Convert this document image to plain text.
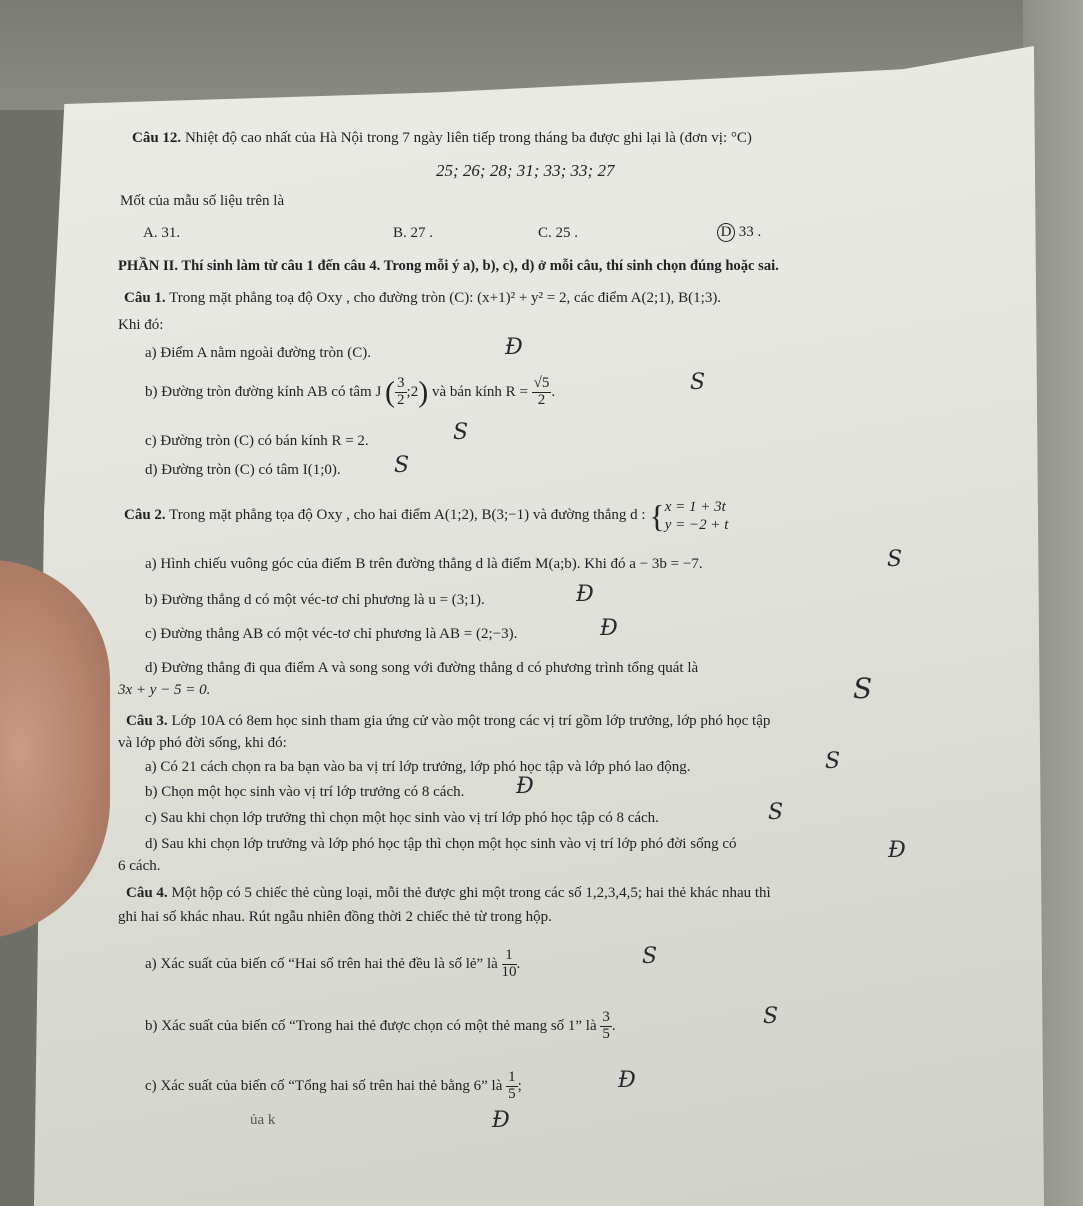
Câu 12. Nhiệt độ cao nhất của Hà Nội trong 7 ngày liên tiếp trong tháng ba được ghi lại là (đơn vị: °C)
25; 26; 28; 31; 33; 33; 27
Mốt của mẫu số liệu trên là
A. 31.	B. 27 .	C. 25 .	D 33 .
PHẦN II. Thí sinh làm từ câu 1 đến câu 4. Trong mỗi ý a), b), c), d) ở mỗi câu, thí sinh chọn đúng hoặc sai.
Câu 1. Trong mặt phẳng toạ độ Oxy , cho đường tròn (C): (x+1)² + y² = 2, các điểm A(2;1), B(1;3).
Khi đó:
a) Điểm A nằm ngoài đường tròn (C).	Đ
b) Đường tròn đường kính AB có tâm J ( $\frac{3}{2}$ ;2) và bán kính $R = \frac{√5}{2}$ .	S
c) Đường tròn (C) có bán kính R = 2.	S
d) Đường tròn (C) có tâm I(1;0). S
Câu 2. Trong mặt phẳng tọa độ Oxy , cho hai điểm A(1;2), B(3;−1) và đường thẳng d : { x = 1 + 3t
y = −2 + t
a) Hình chiếu vuông góc của điểm B trên đường thẳng d là điểm M(a;b). Khi đó a − 3b = −7.	S
b) Đường thẳng d có một véc-tơ chỉ phương là u = (3;1).	Đ
c) Đường thẳng AB có một véc-tơ chỉ phương là AB = (2;−3).	Đ
d) Đường thẳng đi qua điểm A và song song với đường thẳng d có phương trình tổng quát là
3x + y − 5 = 0.	S
Câu 3. Lớp 10A có 8em học sinh tham gia ứng cử vào một trong các vị trí gồm lớp trưởng, lớp phó học tập
và lớp phó đời sống, khi đó:
a) Có 21 cách chọn ra ba bạn vào ba vị trí lớp trưởng, lớp phó học tập và lớp phó lao động.	S
b) Chọn một học sinh vào vị trí lớp trưởng có 8 cách. Đ
c) Sau khi chọn lớp trưởng thì chọn một học sinh vào vị trí lớp phó học tập có 8 cách.	S
d) Sau khi chọn lớp trưởng và lớp phó học tập thì chọn một học sinh vào vị trí lớp phó đời sống có
6 cách.
Đ
Câu 4. Một hộp có 5 chiếc thẻ cùng loại, mỗi thẻ được ghi một trong các số 1,2,3,4,5; hai thẻ khác nhau thì
ghi hai số khác nhau. Rút ngẫu nhiên đồng thời 2 chiếc thẻ từ trong hộp.
a) Xác suất của biến cố “Hai số trên hai thẻ đều là số lẻ” là $\frac{1}{10}$ .	S
b) Xác suất của biến cố “Trong hai thẻ được chọn có một thẻ mang số 1” là $\frac{3}{5}$ .	S
c) Xác suất của biến cố “Tổng hai số trên hai thẻ bằng 6” là $\frac{1}{5}$ ;	Đ
ủa k	Đ
